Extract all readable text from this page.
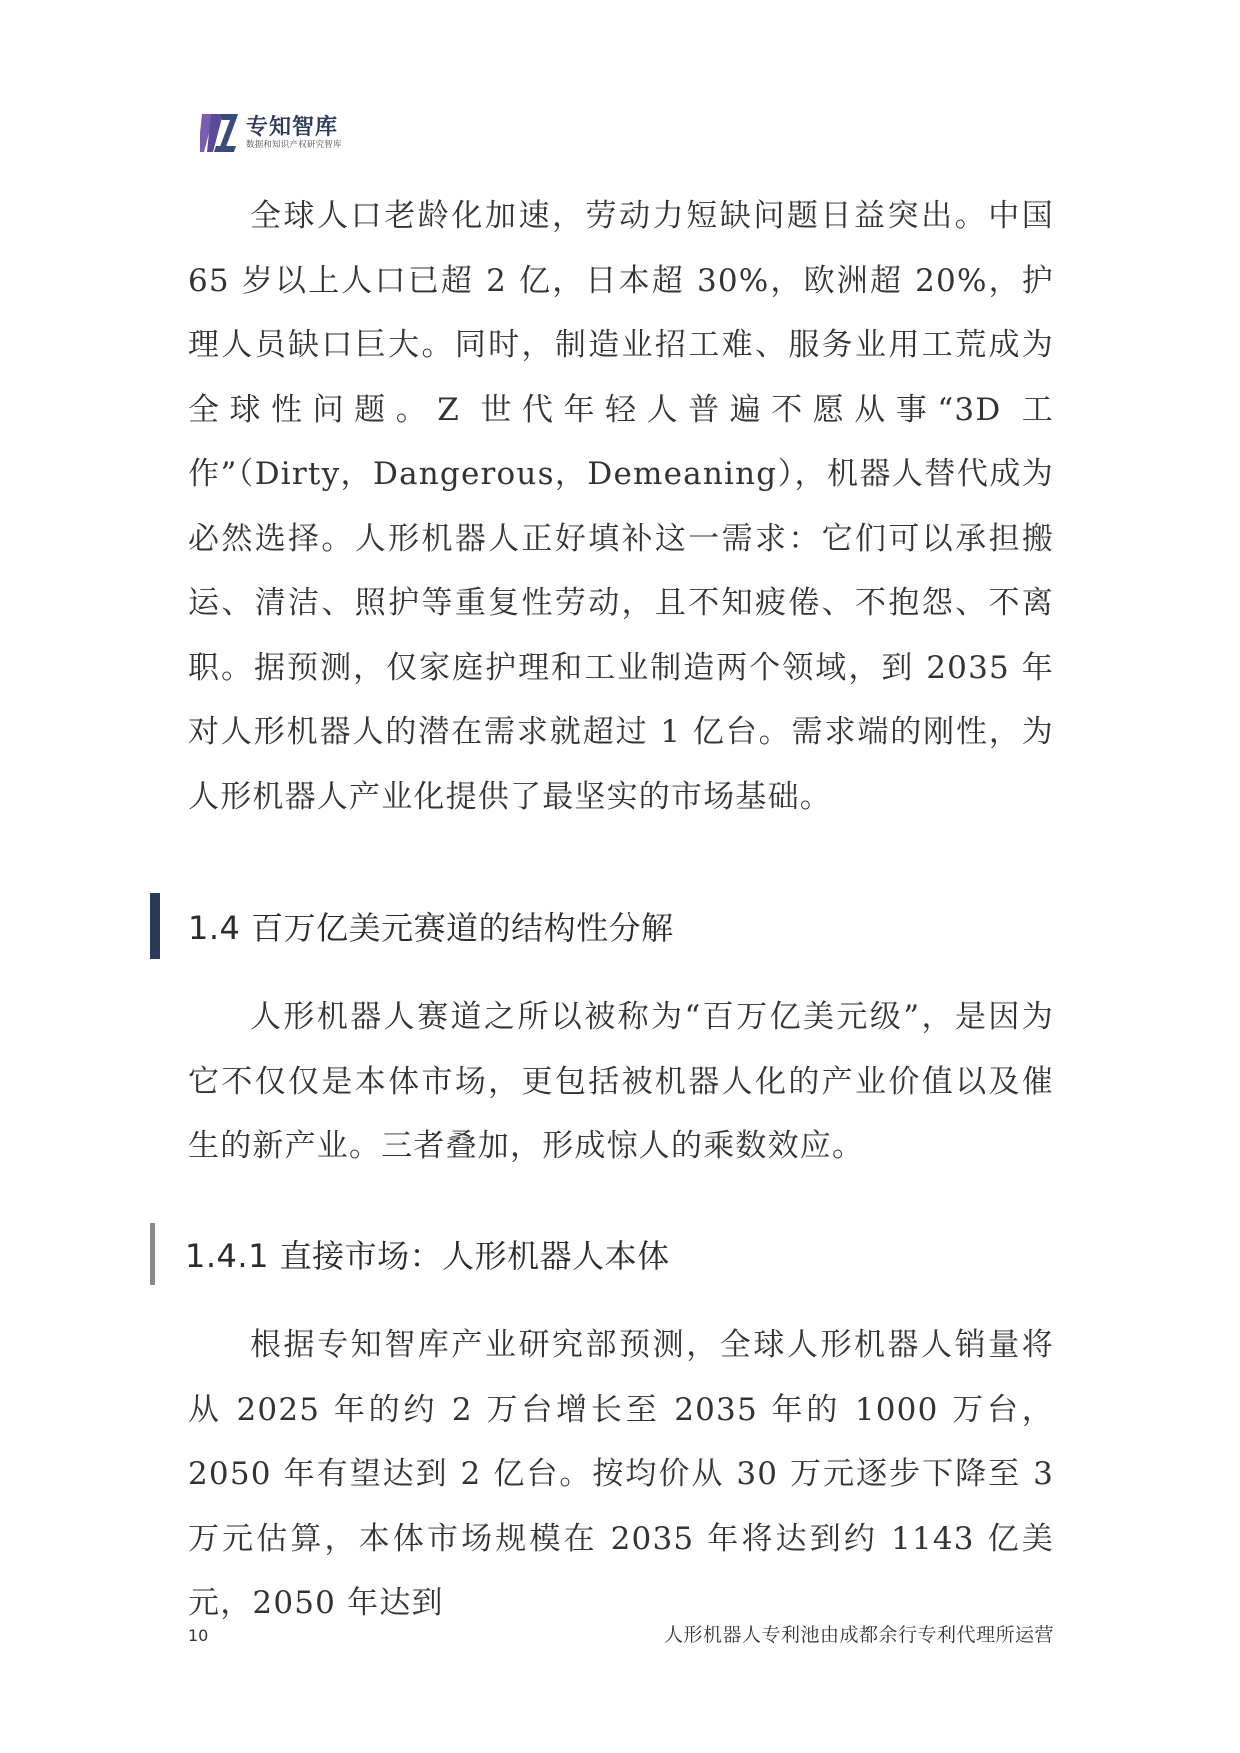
专知智库
数据和知识产权研究智库

全球人口老龄化加速，劳动力短缺问题日益突出。中国 65 岁以上人口已超 2 亿，日本超 30%，欧洲超 20%，护理人员缺口巨大。同时，制造业招工难、服务业用工荒成为全球性问题。Z 世代年轻人普遍不愿从事“3D 工作”（Dirty，Dangerous，Demeaning），机器人替代成为必然选择。人形机器人正好填补这一需求：它们可以承担搬运、清洁、照护等重复性劳动，且不知疲倦、不抱怨、不离职。据预测，仅家庭护理和工业制造两个领域，到 2035 年对人形机器人的潜在需求就超过 1 亿台。需求端的刚性，为人形机器人产业化提供了最坚实的市场基础。

1.4 百万亿美元赛道的结构性分解

人形机器人赛道之所以被称为“百万亿美元级”，是因为它不仅仅是本体市场，更包括被机器人化的产业价值以及催生的新产业。三者叠加，形成惊人的乘数效应。

1.4.1 直接市场：人形机器人本体

根据专知智库产业研究部预测，全球人形机器人销量将从 2025 年的约 2 万台增长至 2035 年的 1000 万台，2050 年有望达到 2 亿台。按均价从 30 万元逐步下降至 3 万元估算，本体市场规模在 2035 年将达到约 1143 亿美元，2050 年达到

10	人形机器人专利池由成都余行专利代理所运营
